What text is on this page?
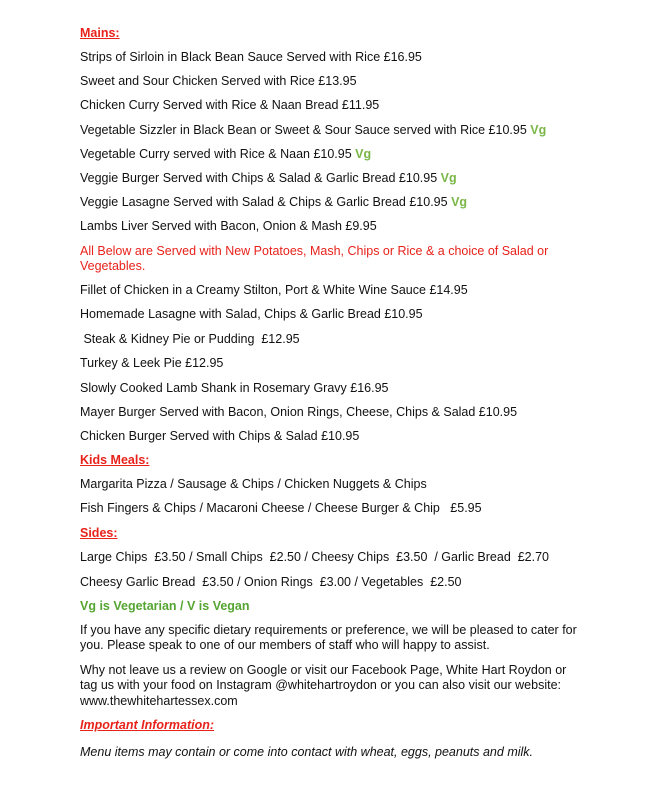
Mains:
Strips of Sirloin in Black Bean Sauce Served with Rice £16.95
Sweet and Sour Chicken Served with Rice £13.95
Chicken Curry Served with Rice & Naan Bread £11.95
Vegetable Sizzler in Black Bean or Sweet & Sour Sauce served with Rice £10.95 Vg
Vegetable Curry served with Rice & Naan £10.95 Vg
Veggie Burger Served with Chips & Salad & Garlic Bread £10.95 Vg
Veggie Lasagne Served with Salad & Chips & Garlic Bread £10.95 Vg
Lambs Liver Served with Bacon, Onion & Mash £9.95
All Below are Served with New Potatoes, Mash, Chips or Rice & a choice of Salad or Vegetables.
Fillet of Chicken in a Creamy Stilton, Port & White Wine Sauce £14.95
Homemade Lasagne with Salad, Chips & Garlic Bread £10.95
Steak & Kidney Pie or Pudding  £12.95
Turkey & Leek Pie £12.95
Slowly Cooked Lamb Shank in Rosemary Gravy £16.95
Mayer Burger Served with Bacon, Onion Rings, Cheese, Chips & Salad £10.95
Chicken Burger Served with Chips & Salad £10.95
Kids Meals:
Margarita Pizza / Sausage & Chips / Chicken Nuggets & Chips
Fish Fingers & Chips / Macaroni Cheese / Cheese Burger & Chip   £5.95
Sides:
Large Chips  £3.50 / Small Chips  £2.50 / Cheesy Chips  £3.50  / Garlic Bread  £2.70
Cheesy Garlic Bread  £3.50 / Onion Rings  £3.00 / Vegetables  £2.50
Vg is Vegetarian / V is Vegan
If you have any specific dietary requirements or preference, we will be pleased to cater for you. Please speak to one of our members of staff who will happy to assist.
Why not leave us a review on Google or visit our Facebook Page, White Hart Roydon or tag us with your food on Instagram @whitehartroydon or you can also visit our website: www.thewhitehartessex.com
Important Information:
Menu items may contain or come into contact with wheat, eggs, peanuts and milk.
